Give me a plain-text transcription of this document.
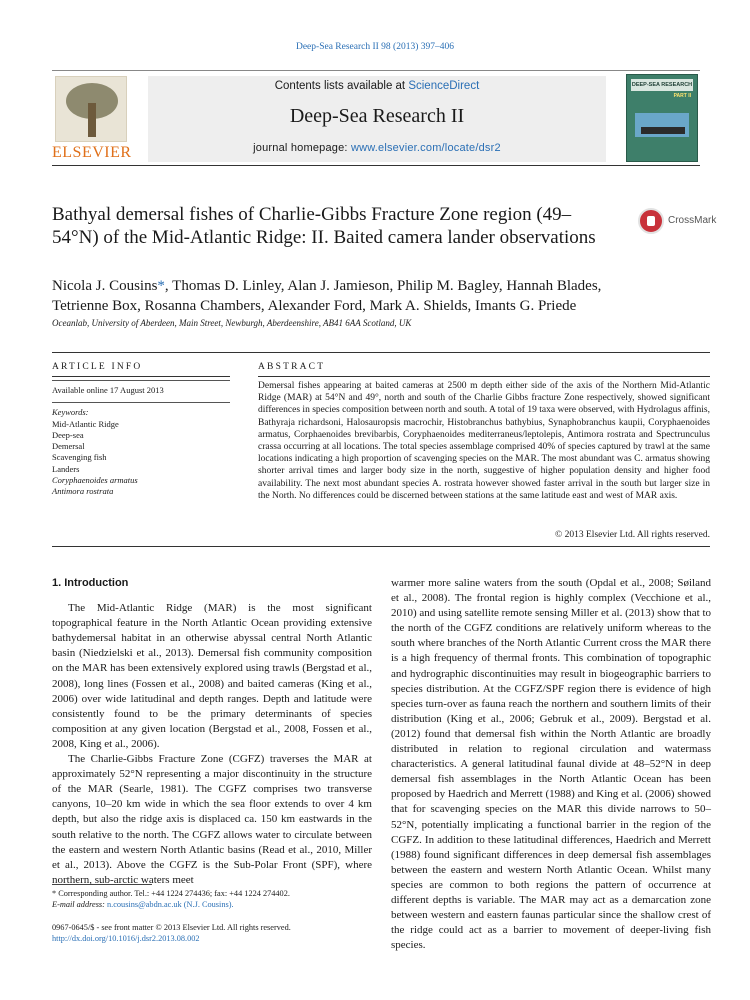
Deep-Sea Research II 98 (2013) 397–406
ELSEVIER
Contents lists available at ScienceDirect
Deep-Sea Research II
journal homepage: www.elsevier.com/locate/dsr2
DEEP-SEA RESEARCH
PART II
Bathyal demersal fishes of Charlie-Gibbs Fracture Zone region (49–54°N) of the Mid-Atlantic Ridge: II. Baited camera lander observations
CrossMark
Nicola J. Cousins*, Thomas D. Linley, Alan J. Jamieson, Philip M. Bagley, Hannah Blades, Tetrienne Box, Rosanna Chambers, Alexander Ford, Mark A. Shields, Imants G. Priede
Oceanlab, University of Aberdeen, Main Street, Newburgh, Aberdeenshire, AB41 6AA Scotland, UK
ARTICLE INFO	ABSTRACT
Available online 17 August 2013
Keywords:
Mid-Atlantic Ridge
Deep-sea
Demersal
Scavenging fish
Landers
Coryphaenoides armatus
Antimora rostrata
Demersal fishes appearing at baited cameras at 2500 m depth either side of the axis of the Northern Mid-Atlantic Ridge (MAR) at 54°N and 49°, north and south of the Charlie Gibbs fracture Zone respectively, showed significant differences in species composition between north and south. A total of 19 taxa were observed, with Hydrolagus affinis, Bathyraja richardsoni, Halosauropsis macrochir, Histobranchus bathybius, Synaphobranchus kaupii, Coryphaenoides armatus, Corphaenoides brevibarbis, Coryphaenoides mediterraneus/leptolepis, Antimora rostrata and Spectrunculus crassa occurring at all locations. The total species assemblage comprised 40% of species captured by trawl at the same locations indicating a high proportion of scavenging species on the MAR. The most abundant was C. armatus showing shorter arrival times and larger body size in the north, suggestive of higher population density and higher food availability. The next most abundant species A. rostrata however showed faster arrival in the south but larger size in the North. No differences could be discerned between stations at the same latitude east and west of MAR axis.
© 2013 Elsevier Ltd. All rights reserved.
1. Introduction

The Mid-Atlantic Ridge (MAR) is the most significant topographical feature in the North Atlantic Ocean providing extensive bathydemersal habitat in an otherwise abyssal central North Atlantic basin (Niedzielski et al., 2013). Demersal fish community composition on the MAR has been extensively explored using trawls (Bergstad et al., 2008), long lines (Fossen et al., 2008) and baited cameras (King et al., 2006) over wide latitudinal and depth ranges. Depth and latitude were consistently found to be the primary determinants of species composition at any given location (Bergstad et al., 2008, Fossen et al., 2008, King et al., 2006).

The Charlie-Gibbs Fracture Zone (CGFZ) traverses the MAR at approximately 52°N representing a major discontinuity in the structure of the MAR (Searle, 1981). The CGFZ comprises two transverse canyons, 10–20 km wide in which the sea floor extends to over 4 km depth, but also the ridge axis is displaced ca. 150 km eastwards in the south relative to the north. The CGFZ allows water to circulate between the eastern and western North Atlantic basins (Read et al., 2010, Miller et al., 2013). Above the CGFZ is the Sub-Polar Front (SPF), where northern, sub-arctic waters meet

warmer more saline waters from the south (Opdal et al., 2008; Søiland et al., 2008). The frontal region is highly complex (Vecchione et al., 2010) and using satellite remote sensing Miller et al. (2013) show that to the north of the CGFZ conditions are relatively uniform whereas to the south where branches of the North Atlantic Current cross the MAR there is a high frequency of thermal fronts. This combination of topographic and hydrographic discontinuities may result in biogeographic barriers to species distribution. At the CGFZ/SPF region there is evidence of high species turn-over as fauna reach the northern and southern limits of their distribution (King et al., 2006; Gebruk et al., 2009). Bergstad et al. (2012) found that demersal fish within the North Atlantic are broadly distributed in relation to regional circulation and watermass characteristics. A general latitudinal faunal divide at 48–52°N in deep demersal fish assemblages in the North Atlantic Ocean has been proposed by Haedrich and Merrett (1988) and King et al. (2006) showed that for scavenging species on the MAR this divide narrows to 50–52°N, potentially implicating a functional barrier in the region of the CGFZ. In addition to these latitudinal differences, Haedrich and Merrett (1988) found significant differences in deep demersal fish assemblages between the eastern and western North Atlantic Ocean. Whilst many species are common to both regions the pattern of occurrence at different depths is variable. The MAR may act as a demarcation zone between western and eastern faunas particular since the shallow crest of the ridge could act as a barrier to movement of deeper-living fish species.

* Corresponding author. Tel.: +44 1224 274436; fax: +44 1224 274402.
E-mail address: n.cousins@abdn.ac.uk (N.J. Cousins).
0967-0645/$ - see front matter © 2013 Elsevier Ltd. All rights reserved.
http://dx.doi.org/10.1016/j.dsr2.2013.08.002
